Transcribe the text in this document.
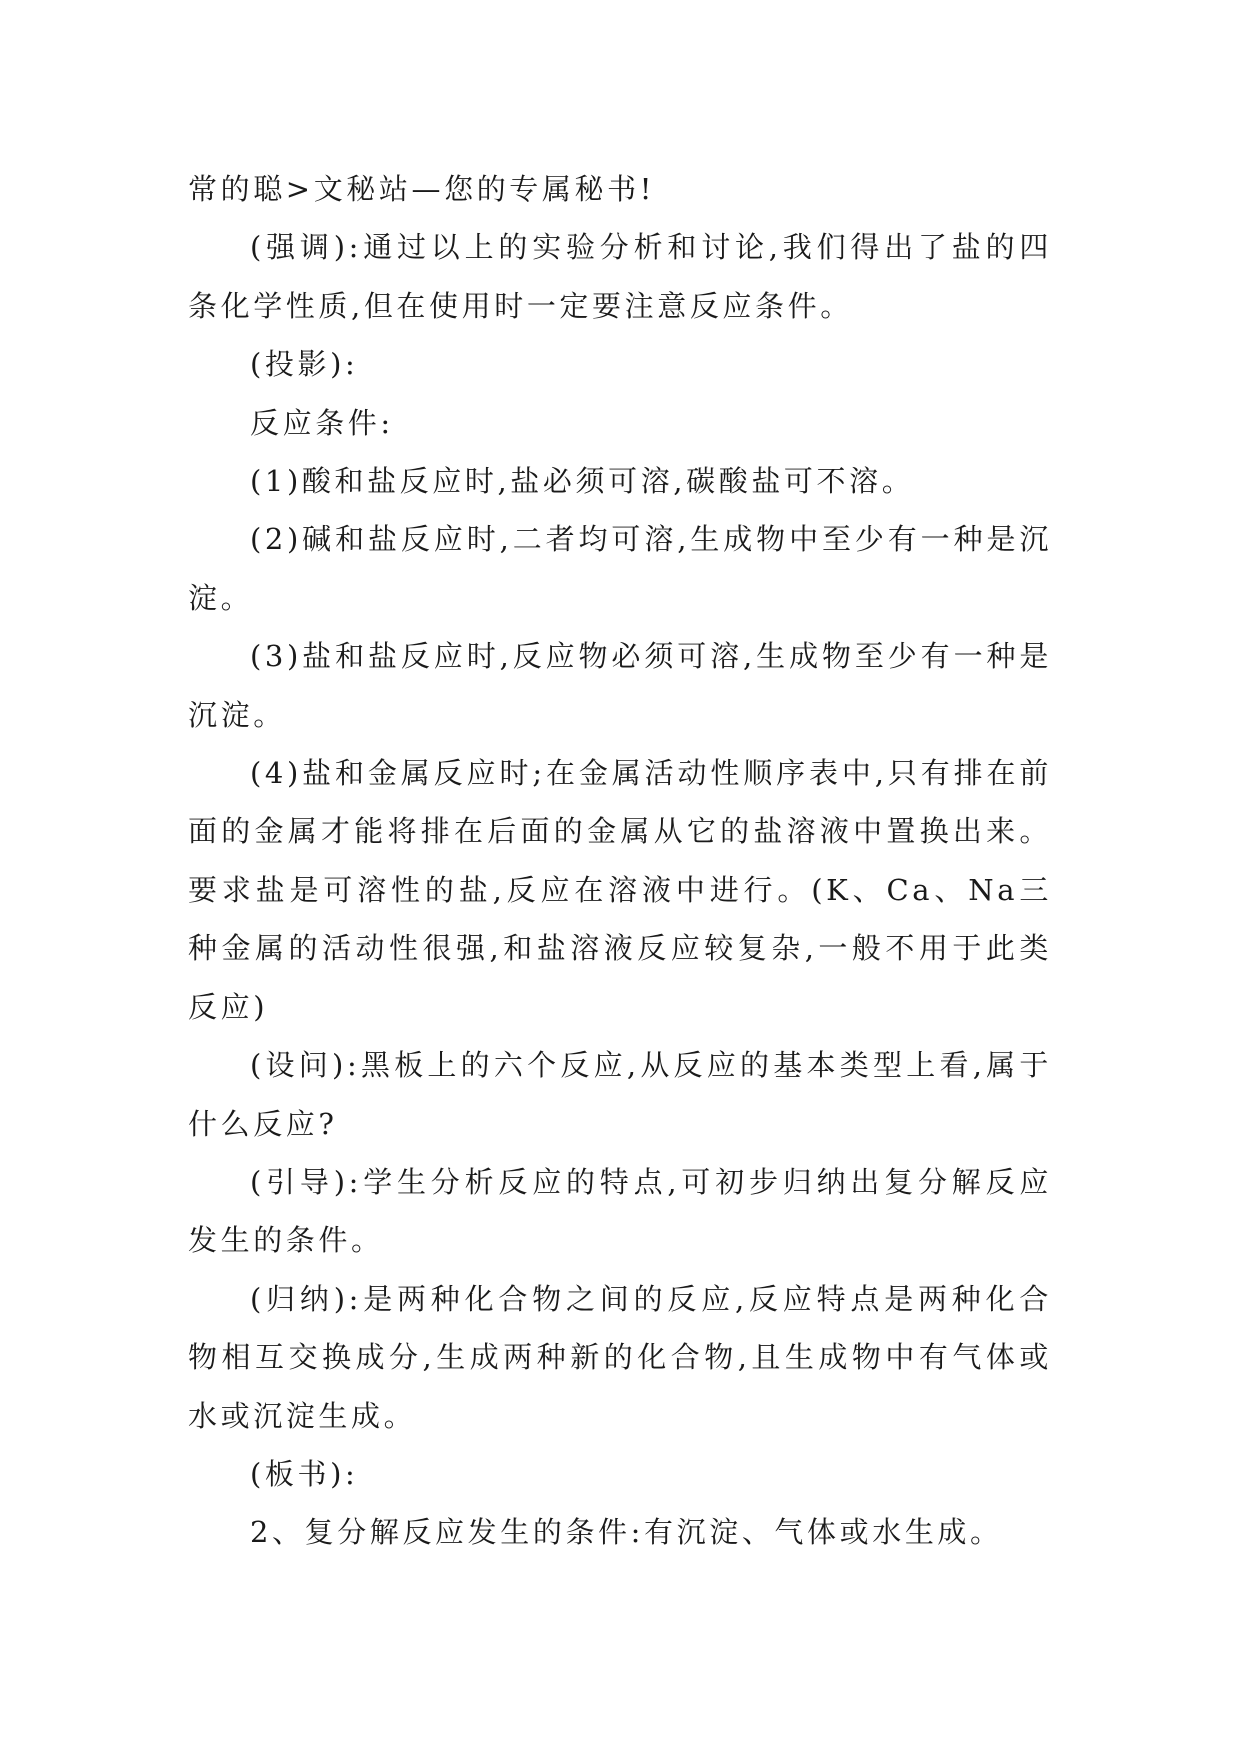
常的聪>文秘站—您的专属秘书!

(强调):通过以上的实验分析和讨论,我们得出了盐的四条化学性质,但在使用时一定要注意反应条件。

(投影):

反应条件:

(1)酸和盐反应时,盐必须可溶,碳酸盐可不溶。

(2)碱和盐反应时,二者均可溶,生成物中至少有一种是沉淀。

(3)盐和盐反应时,反应物必须可溶,生成物至少有一种是沉淀。

(4)盐和金属反应时;在金属活动性顺序表中,只有排在前面的金属才能将排在后面的金属从它的盐溶液中置换出来。要求盐是可溶性的盐,反应在溶液中进行。(K、Ca、Na三种金属的活动性很强,和盐溶液反应较复杂,一般不用于此类反应)

(设问):黑板上的六个反应,从反应的基本类型上看,属于什么反应?

(引导):学生分析反应的特点,可初步归纳出复分解反应发生的条件。

(归纳):是两种化合物之间的反应,反应特点是两种化合物相互交换成分,生成两种新的化合物,且生成物中有气体或水或沉淀生成。

(板书):

2、复分解反应发生的条件:有沉淀、气体或水生成。
